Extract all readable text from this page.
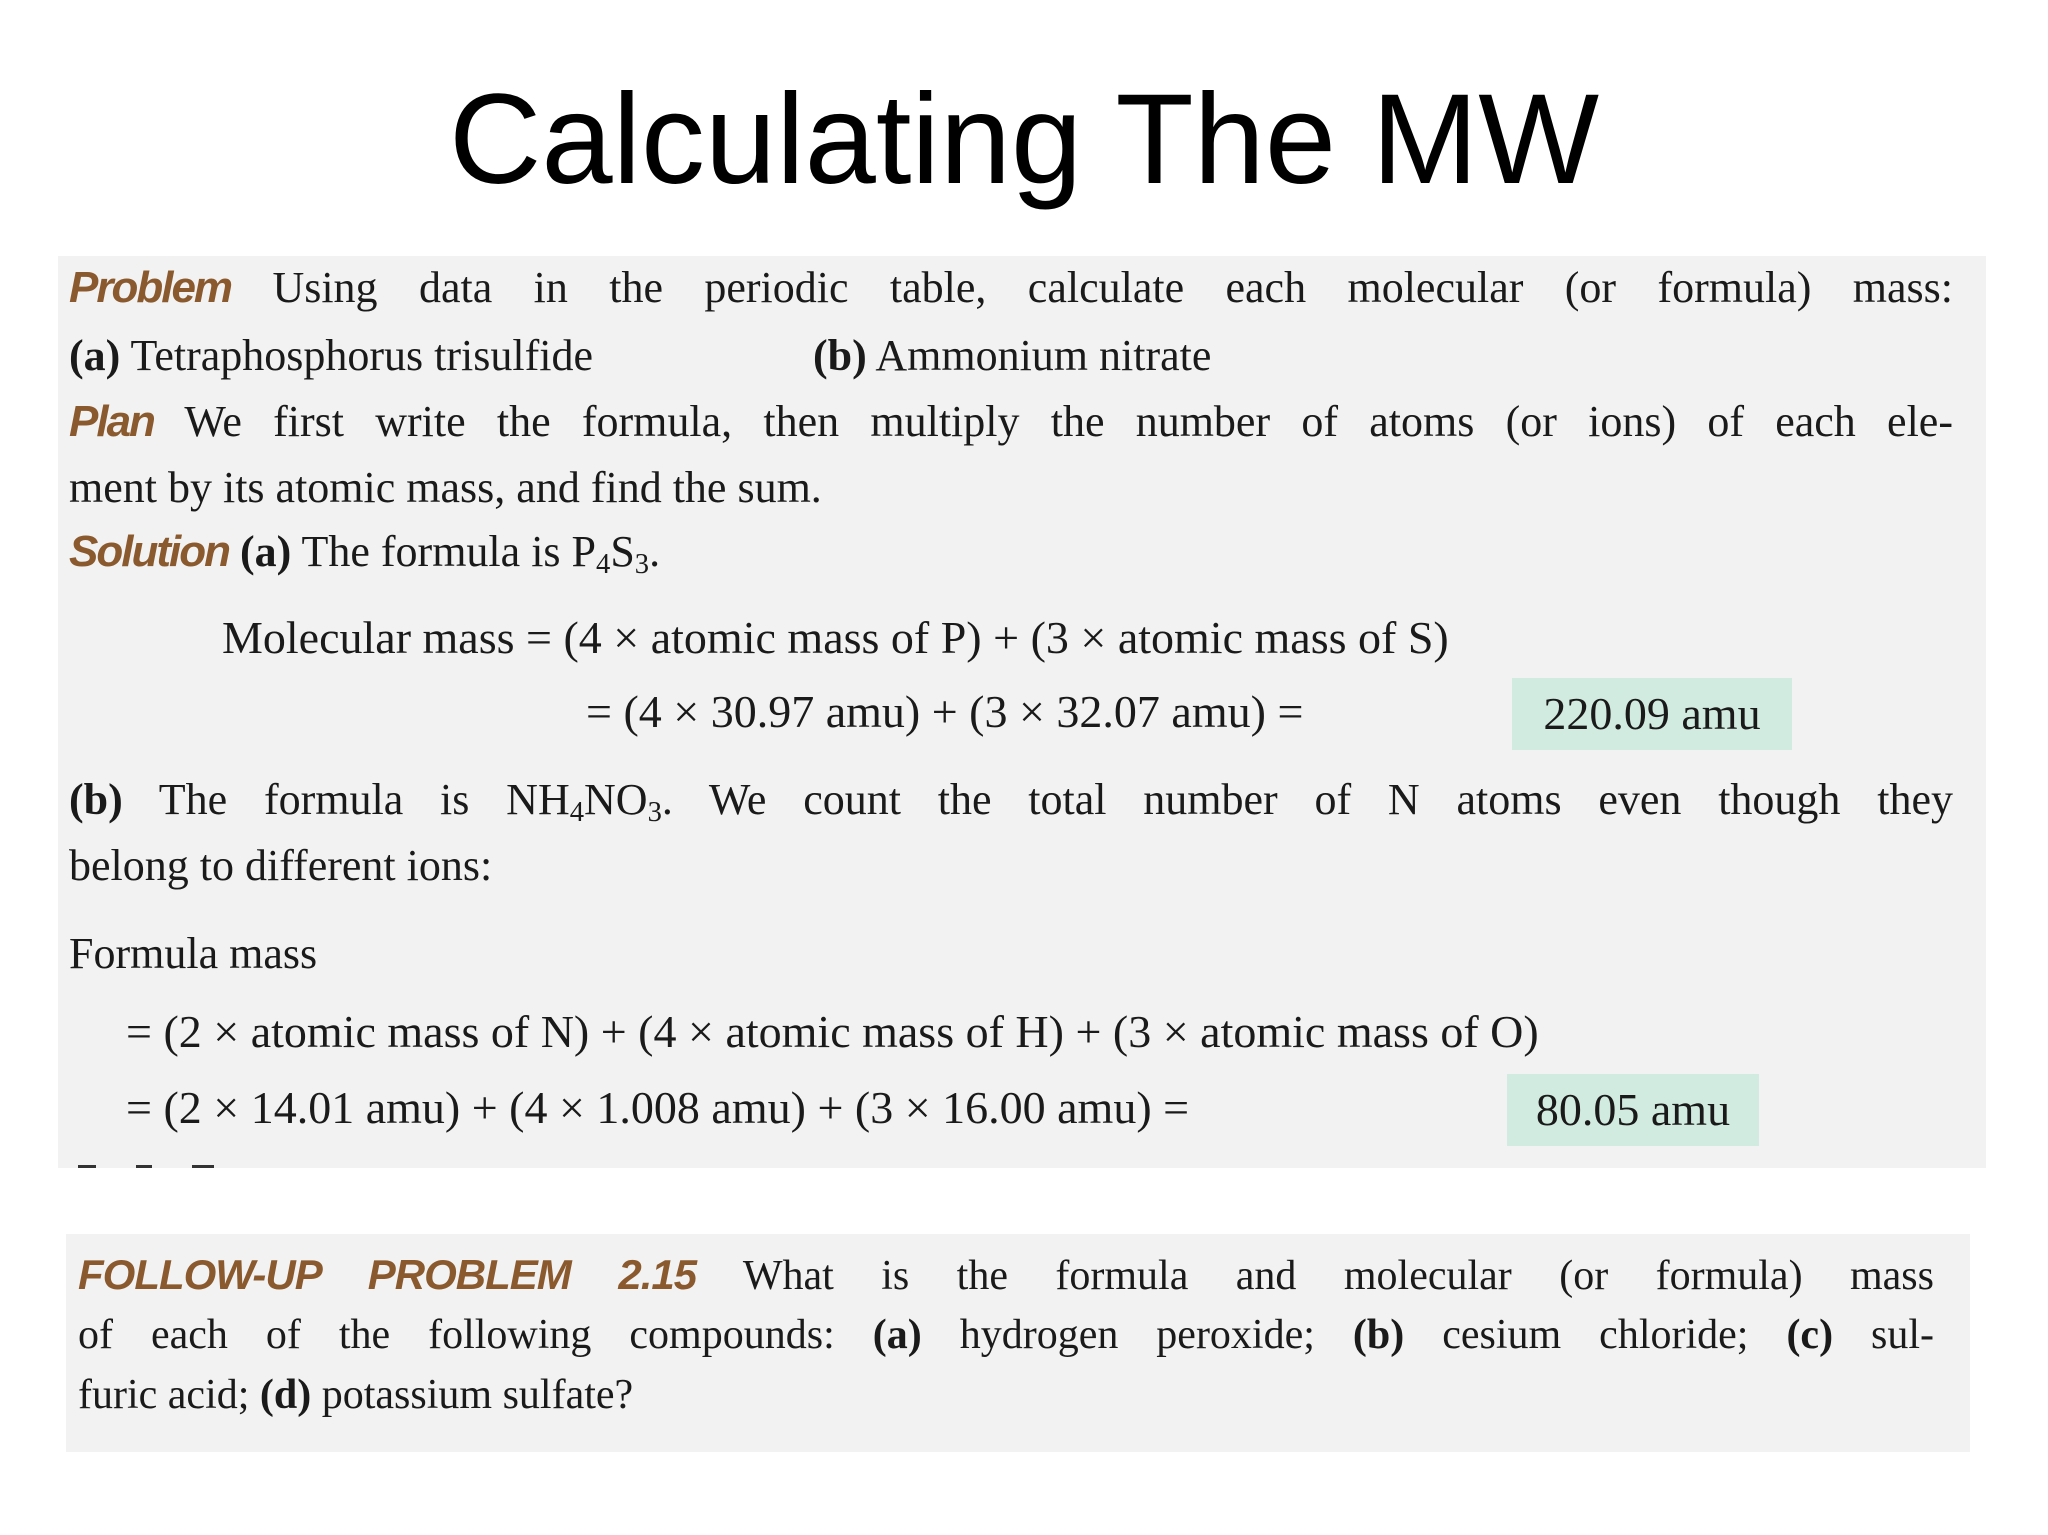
Calculating The MW
Problem Using data in the periodic table, calculate each molecular (or formula) mass:
(a) Tetraphosphorus trisulfide	(b) Ammonium nitrate
Plan We first write the formula, then multiply the number of atoms (or ions) of each ele-
ment by its atomic mass, and find the sum.
Solution (a) The formula is $P_4S_3$.
Molecular mass = (4 × atomic mass of P) + (3 × atomic mass of S)
= (4 × 30.97 amu) + (3 × 32.07 amu) =	220.09 amu
(b) The formula is $NH_4NO_3$. We count the total number of N atoms even though they
belong to different ions:
Formula mass
= (2 × atomic mass of N) + (4 × atomic mass of H) + (3 × atomic mass of O)
= (2 × 14.01 amu) + (4 × 1.008 amu) + (3 × 16.00 amu) =	80.05 amu
FOLLOW-UP PROBLEM 2.15 What is the formula and molecular (or formula) mass
of each of the following compounds: (a) hydrogen peroxide; (b) cesium chloride; (c) sul-
furic acid; (d) potassium sulfate?
